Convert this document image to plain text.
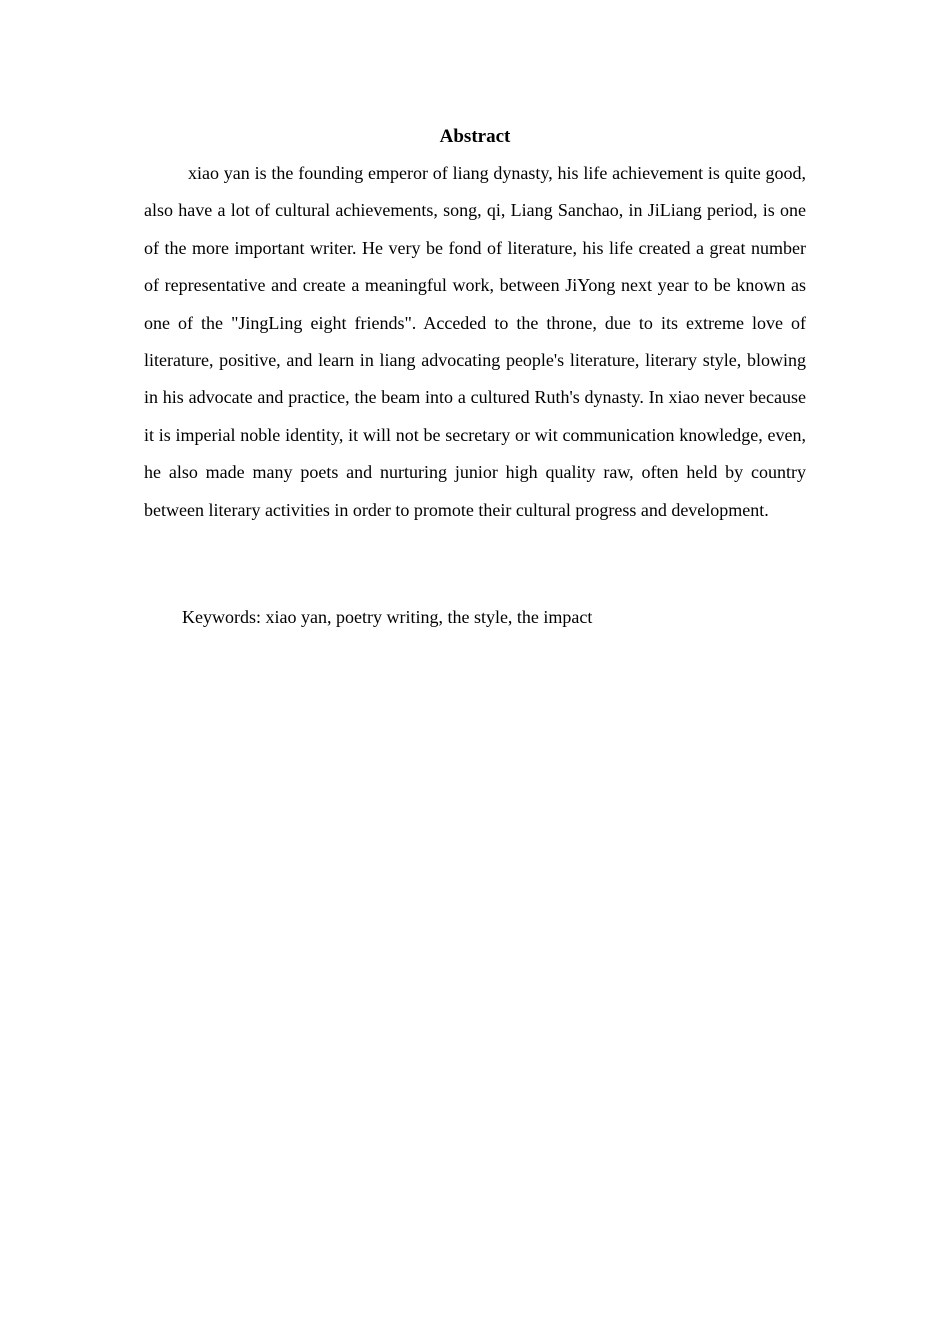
Abstract

xiao yan is the founding emperor of liang dynasty, his life achievement is quite good, also have a lot of cultural achievements, song, qi, Liang Sanchao, in JiLiang period, is one of the more important writer. He very be fond of literature, his life created a great number of representative and create a meaningful work, between JiYong next year to be known as one of the "JingLing eight friends". Acceded to the throne, due to its extreme love of literature, positive, and learn in liang advocating people's literature, literary style, blowing in his advocate and practice, the beam into a cultured Ruth's dynasty. In xiao never because it is imperial noble identity, it will not be secretary or wit communication knowledge, even, he also made many poets and nurturing junior high quality raw, often held by country between literary activities in order to promote their cultural progress and development.

Keywords: xiao yan, poetry writing, the style, the impact
